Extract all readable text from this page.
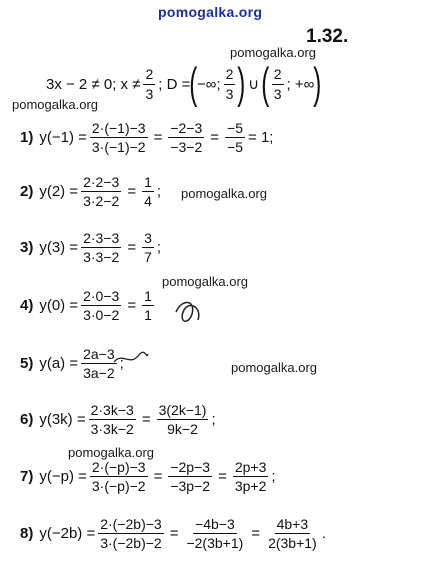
pomogalka.org
pomogalka.org
pomogalka.org
pomogalka.org
pomogalka.org
pomogalka.org
pomogalka.org
1.32.
3x − 2 ≠ 0; $x \ne \frac{2}{3}$ ; D = ( −∞; $\frac{2}{3}$ ) ∪ ( $\frac{2}{3}$ ; +∞ )
1) $y(-1) = \frac{2\cdot(-1)-3}{3\cdot(-1)-2} = \frac{-2-3}{-3-2} = \frac{-5}{-5} = 1$;
2) $y(2) = \frac{2\cdot 2-3}{3\cdot 2-2} = \frac{1}{4}$ ;
3) $y(3) = \frac{2\cdot 3-3}{3\cdot 3-2} = \frac{3}{7}$ ;
4) $y(0) = \frac{2\cdot 0-3}{3\cdot 0-2} = \frac{1}{1}$
5) $y(a) = \frac{2a-3}{3a-2}$ ;
6) $y(3k) = \frac{2\cdot 3k-3}{3\cdot 3k-2} = \frac{3(2k-1)}{9k-2}$ ;
7) $y(-p) = \frac{2\cdot(-p)-3}{3\cdot(-p)-2} = \frac{-2p-3}{-3p-2} = \frac{2p+3}{3p+2}$ ;
8) $y(-2b) = \frac{2\cdot(-2b)-3}{3\cdot(-2b)-2} = \frac{-4b-3}{-2(3b+1)} = \frac{4b+3}{2(3b+1)}$ .
